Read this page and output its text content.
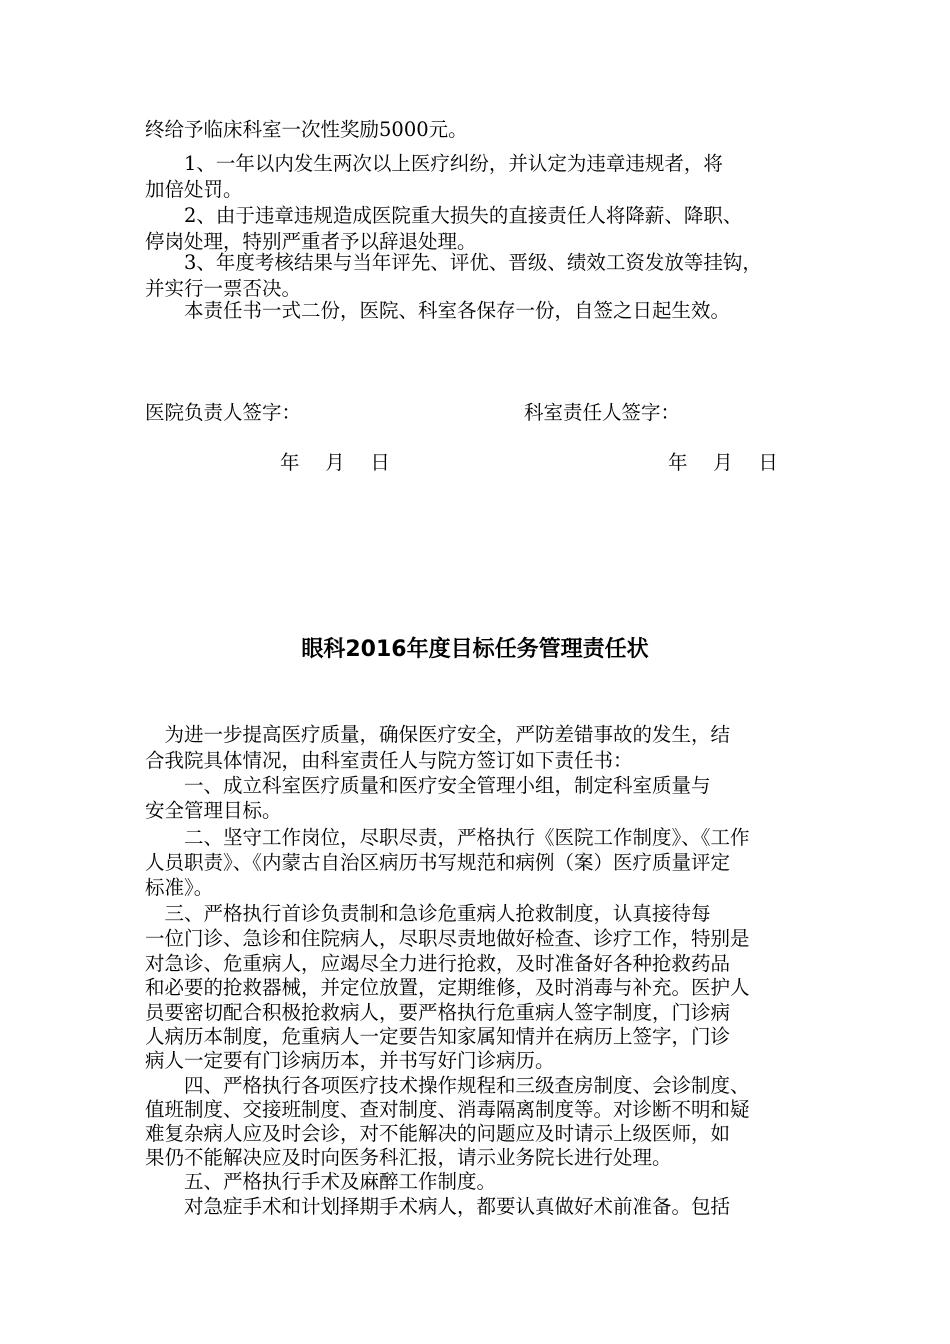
终给予临床科室一次性奖励5000元。
　　1、一年以内发生两次以上医疗纠纷，并认定为违章违规者，将
加倍处罚。
　　2、由于违章违规造成医院重大损失的直接责任人将降薪、降职、
停岗处理，特别严重者予以辞退处理。
　　3、年度考核结果与当年评先、评优、晋级、绩效工资发放等挂钩，
并实行一票否决。
　　本责任书一式二份，医院、科室各保存一份，自签之日起生效。
医院负责人签字：	科室责任人签字：
年　 月　 日	年　 月　 日
眼科2016年度目标任务管理责任状
　为进一步提高医疗质量，确保医疗安全，严防差错事故的发生，结
合我院具体情况，由科室责任人与院方签订如下责任书：
　　一、成立科室医疗质量和医疗安全管理小组，制定科室质量与
安全管理目标。
　　二、坚守工作岗位，尽职尽责，严格执行《医院工作制度》、《工作
人员职责》、《内蒙古自治区病历书写规范和病例（案）医疗质量评定
标准》。
　三、严格执行首诊负责制和急诊危重病人抢救制度，认真接待每
一位门诊、急诊和住院病人，尽职尽责地做好检查、诊疗工作，特别是
对急诊、危重病人，应竭尽全力进行抢救，及时准备好各种抢救药品
和必要的抢救器械，并定位放置，定期维修，及时消毒与补充。医护人
员要密切配合积极抢救病人，要严格执行危重病人签字制度，门诊病
人病历本制度，危重病人一定要告知家属知情并在病历上签字，门诊
病人一定要有门诊病历本，并书写好门诊病历。
　　四、严格执行各项医疗技术操作规程和三级查房制度、会诊制度、
值班制度、交接班制度、查对制度、消毒隔离制度等。对诊断不明和疑
难复杂病人应及时会诊，对不能解决的问题应及时请示上级医师，如
果仍不能解决应及时向医务科汇报，请示业务院长进行处理。
　　五、严格执行手术及麻醉工作制度。
　　对急症手术和计划择期手术病人，都要认真做好术前准备。包括
